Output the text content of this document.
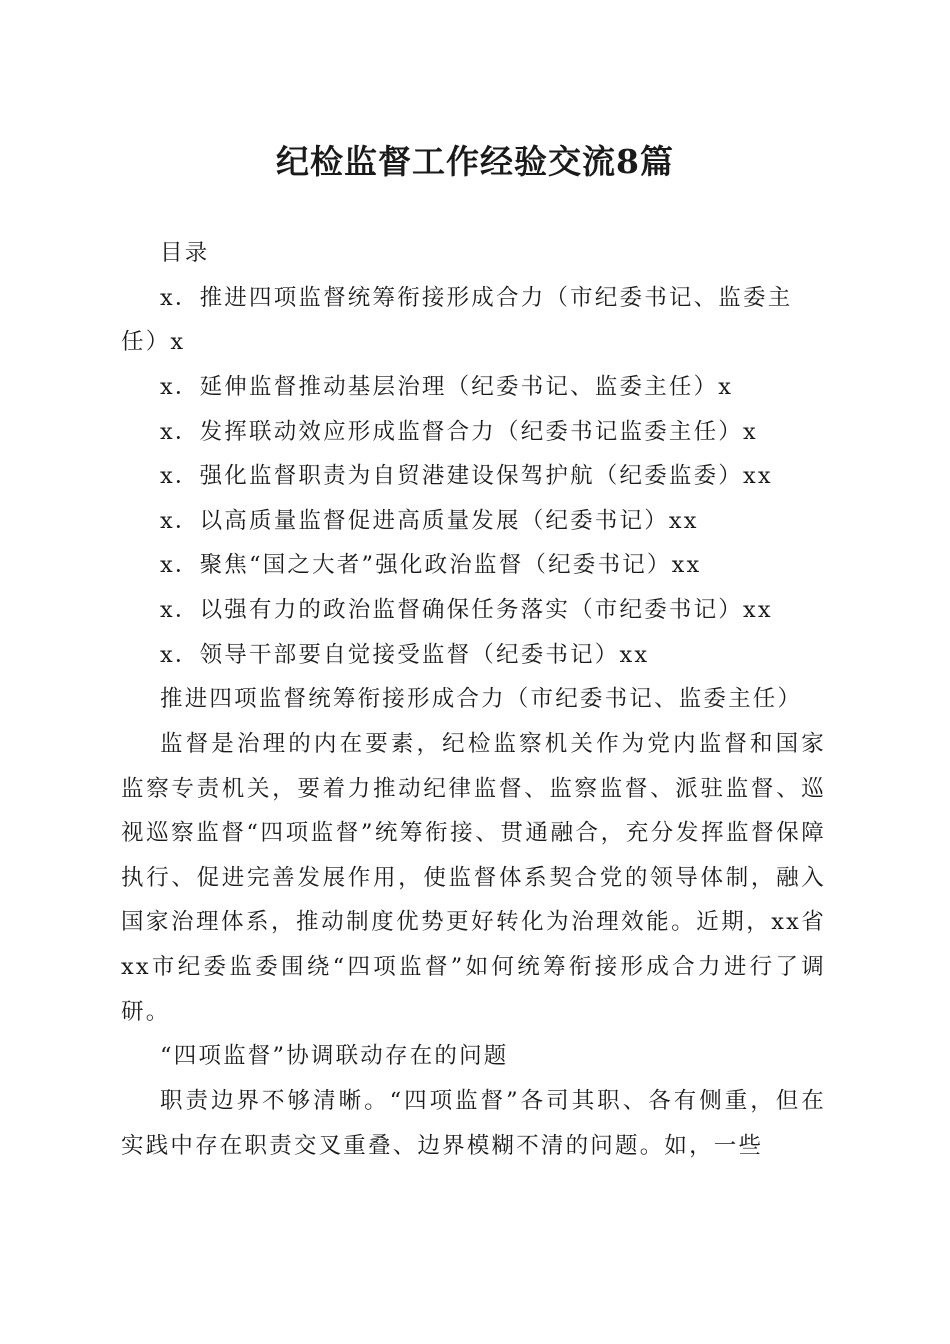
纪检监督工作经验交流8篇
目录
x．推进四项监督统筹衔接形成合力（市纪委书记、监委主
任）x
x．延伸监督推动基层治理（纪委书记、监委主任）x
x．发挥联动效应形成监督合力（纪委书记监委主任）x
x．强化监督职责为自贸港建设保驾护航（纪委监委）xx
x．以高质量监督促进高质量发展（纪委书记）xx
x．聚焦“国之大者”强化政治监督（纪委书记）xx
x．以强有力的政治监督确保任务落实（市纪委书记）xx
x．领导干部要自觉接受监督（纪委书记）xx
推进四项监督统筹衔接形成合力（市纪委书记、监委主任）
监督是治理的内在要素，纪检监察机关作为党内监督和国家监察专责机关，要着力推动纪律监督、监察监督、派驻监督、巡视巡察监督“四项监督”统筹衔接、贯通融合，充分发挥监督保障执行、促进完善发展作用，使监督体系契合党的领导体制，融入国家治理体系，推动制度优势更好转化为治理效能。近期，xx省xx市纪委监委围绕“四项监督”如何统筹衔接形成合力进行了调研。
“四项监督”协调联动存在的问题
职责边界不够清晰。“四项监督”各司其职、各有侧重，但在实践中存在职责交叉重叠、边界模糊不清的问题。如，一些
